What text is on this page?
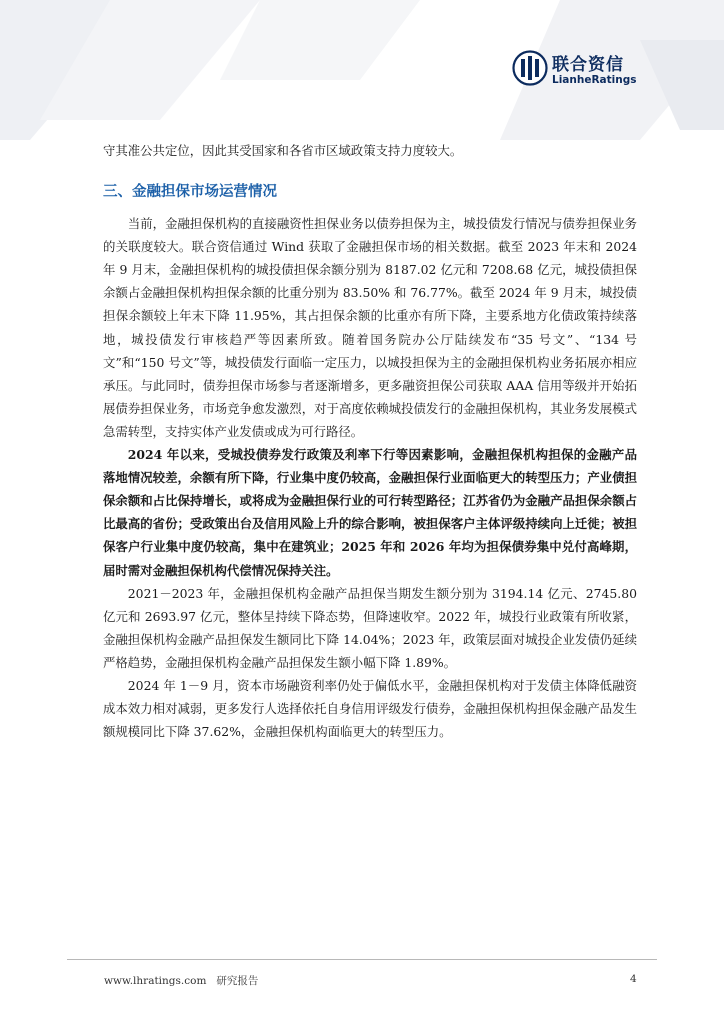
联合资信
LianheRatings

守其准公共定位，因此其受国家和各省市区域政策支持力度较大。

三、金融担保市场运营情况

当前，金融担保机构的直接融资性担保业务以债券担保为主，城投债发行情况与债券担保业务的关联度较大。联合资信通过 Wind 获取了金融担保市场的相关数据。截至 2023 年末和 2024 年 9 月末，金融担保机构的城投债担保余额分别为 8187.02 亿元和 7208.68 亿元，城投债担保余额占金融担保机构担保余额的比重分别为 83.50% 和 76.77%。截至 2024 年 9 月末，城投债担保余额较上年末下降 11.95%，其占担保余额的比重亦有所下降，主要系地方化债政策持续落地，城投债发行审核趋严等因素所致。随着国务院办公厅陆续发布“35 号文”、“134 号文”和“150 号文”等，城投债发行面临一定压力，以城投担保为主的金融担保机构业务拓展亦相应承压。与此同时，债券担保市场参与者逐渐增多，更多融资担保公司获取 AAA 信用等级并开始拓展债券担保业务，市场竞争愈发激烈，对于高度依赖城投债发行的金融担保机构，其业务发展模式急需转型，支持实体产业发债或成为可行路径。

2024 年以来，受城投债券发行政策及利率下行等因素影响，金融担保机构担保的金融产品落地情况较差，余额有所下降，行业集中度仍较高，金融担保行业面临更大的转型压力；产业债担保余额和占比保持增长，或将成为金融担保行业的可行转型路径；江苏省仍为金融产品担保余额占比最高的省份；受政策出台及信用风险上升的综合影响，被担保客户主体评级持续向上迁徙；被担保客户行业集中度仍较高，集中在建筑业；2025 年和 2026 年均为担保债券集中兑付高峰期，届时需对金融担保机构代偿情况保持关注。

2021－2023 年，金融担保机构金融产品担保当期发生额分别为 3194.14 亿元、2745.80 亿元和 2693.97 亿元，整体呈持续下降态势，但降速收窄。2022 年，城投行业政策有所收紧，金融担保机构金融产品担保发生额同比下降 14.04%；2023 年，政策层面对城投企业发债仍延续严格趋势，金融担保机构金融产品担保发生额小幅下降 1.89%。

2024 年 1－9 月，资本市场融资利率仍处于偏低水平，金融担保机构对于发债主体降低融资成本效力相对减弱，更多发行人选择依托自身信用评级发行债券，金融担保机构担保金融产品发生额规模同比下降 37.62%，金融担保机构面临更大的转型压力。

www.lhratings.com 研究报告	4
